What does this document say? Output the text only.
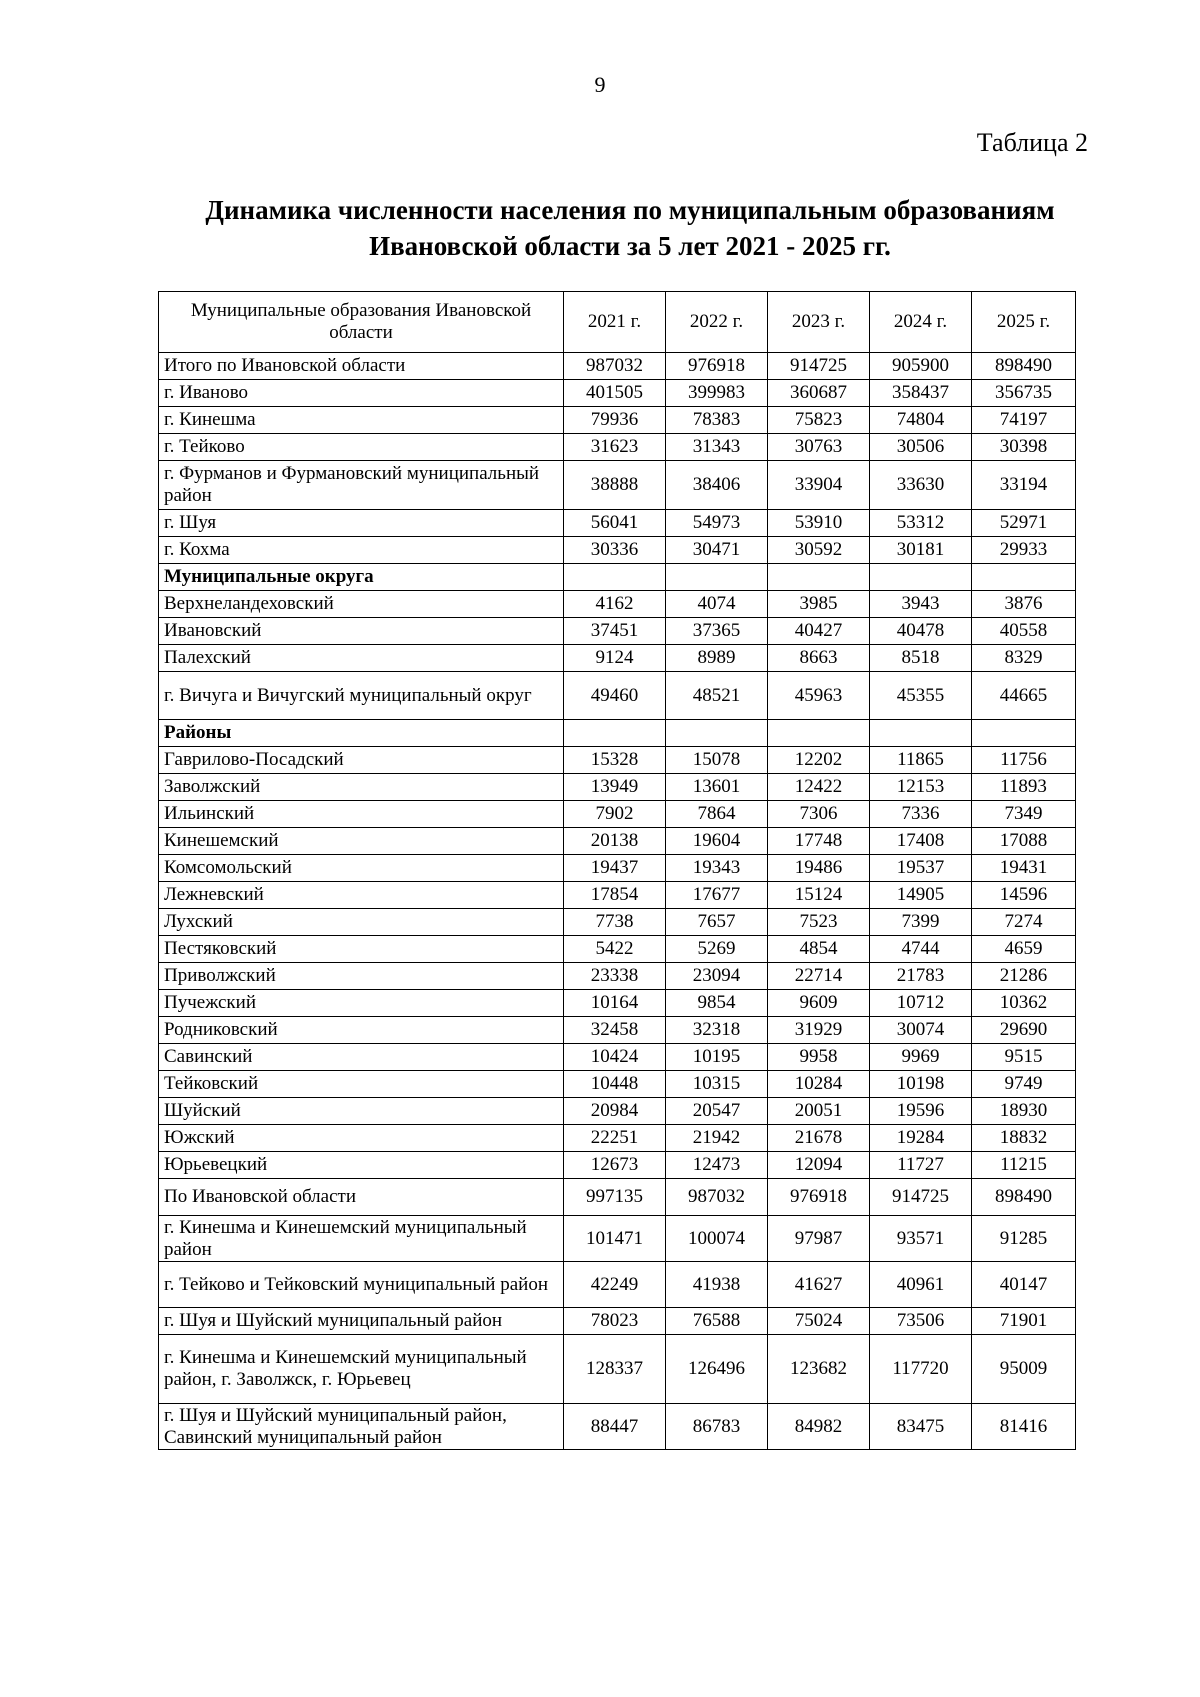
9
Таблица 2
Динамика численности населения по муниципальным образованиям
Ивановской области за 5 лет 2021 - 2025 гг.
Муниципальные образования Ивановской области	2021 г.	2022 г.	2023 г.	2024 г.	2025 г.
Итого по Ивановской области	987032	976918	914725	905900	898490
г. Иваново	401505	399983	360687	358437	356735
г. Кинешма	79936	78383	75823	74804	74197
г. Тейково	31623	31343	30763	30506	30398
г. Фурманов и Фурмановский муниципальный район	38888	38406	33904	33630	33194
г. Шуя	56041	54973	53910	53312	52971
г. Кохма	30336	30471	30592	30181	29933
Муниципальные округа					
Верхнеландеховский	4162	4074	3985	3943	3876
Ивановский	37451	37365	40427	40478	40558
Палехский	9124	8989	8663	8518	8329
г. Вичуга и Вичугский муниципальный округ	49460	48521	45963	45355	44665
Районы					
Гаврилово-Посадский	15328	15078	12202	11865	11756
Заволжский	13949	13601	12422	12153	11893
Ильинский	7902	7864	7306	7336	7349
Кинешемский	20138	19604	17748	17408	17088
Комсомольский	19437	19343	19486	19537	19431
Лежневский	17854	17677	15124	14905	14596
Лухский	7738	7657	7523	7399	7274
Пестяковский	5422	5269	4854	4744	4659
Приволжский	23338	23094	22714	21783	21286
Пучежский	10164	9854	9609	10712	10362
Родниковский	32458	32318	31929	30074	29690
Савинский	10424	10195	9958	9969	9515
Тейковский	10448	10315	10284	10198	9749
Шуйский	20984	20547	20051	19596	18930
Южский	22251	21942	21678	19284	18832
Юрьевецкий	12673	12473	12094	11727	11215
По Ивановской области	997135	987032	976918	914725	898490
г. Кинешма и Кинешемский муниципальный район	101471	100074	97987	93571	91285
г. Тейково и Тейковский муниципальный район	42249	41938	41627	40961	40147
г. Шуя и Шуйский муниципальный район	78023	76588	75024	73506	71901
г. Кинешма и Кинешемский муниципальный район, г. Заволжск, г. Юрьевец	128337	126496	123682	117720	95009
г. Шуя и Шуйский муниципальный район, Савинский муниципальный район	88447	86783	84982	83475	81416
